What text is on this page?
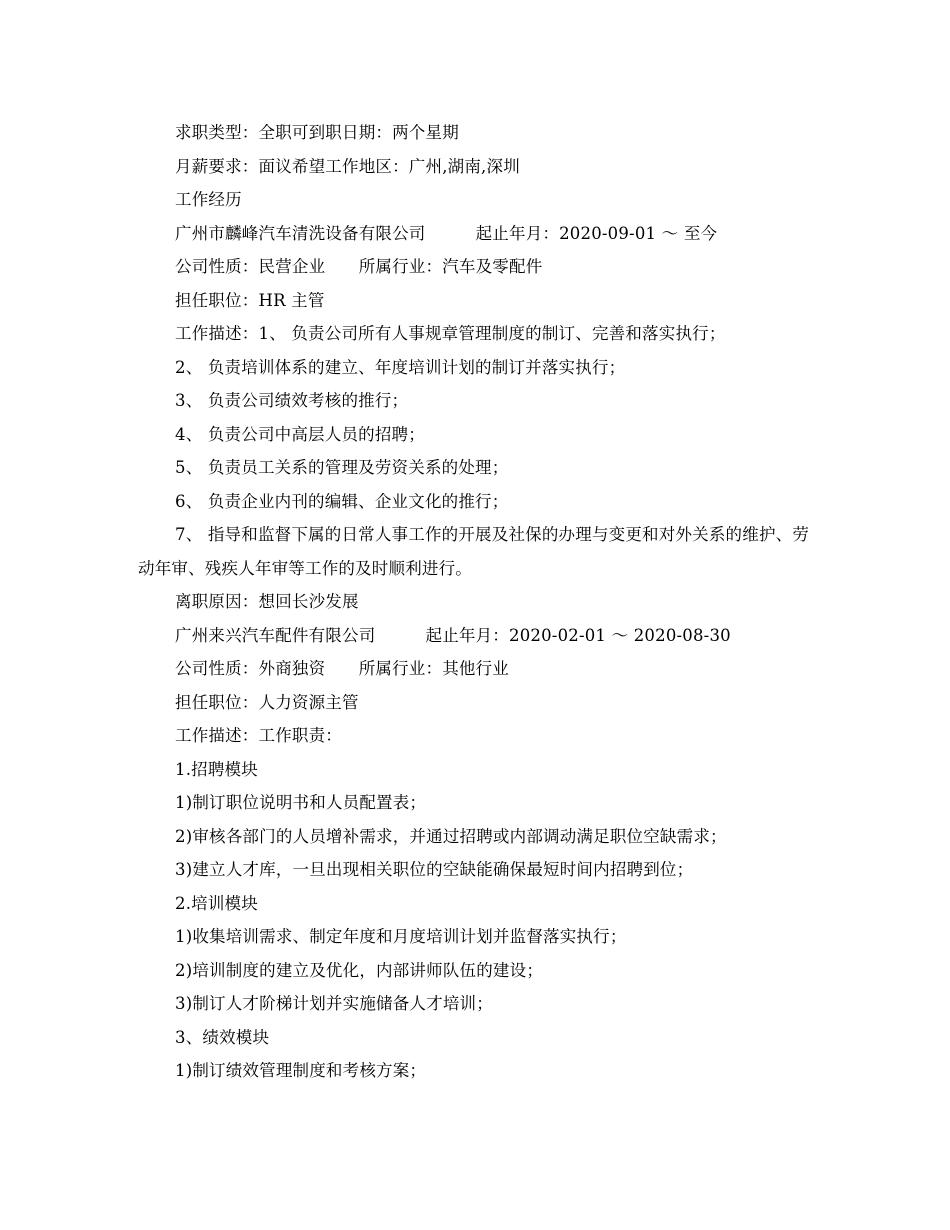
求职类型：全职可到职日期：两个星期
月薪要求：面议希望工作地区：广州,湖南,深圳
工作经历
广州市麟峰汽车清洗设备有限公司　　　起止年月：2020-09-01 ～ 至今
公司性质：民营企业　　所属行业：汽车及零配件
担任职位：HR 主管
工作描述：1、 负责公司所有人事规章管理制度的制订、完善和落实执行；
2、 负责培训体系的建立、年度培训计划的制订并落实执行；
3、 负责公司绩效考核的推行；
4、 负责公司中高层人员的招聘；
5、 负责员工关系的管理及劳资关系的处理；
6、 负责企业内刊的编辑、企业文化的推行；
7、 指导和监督下属的日常人事工作的开展及社保的办理与变更和对外关系的维护、劳动年审、残疾人年审等工作的及时顺利进行。
离职原因：想回长沙发展
广州来兴汽车配件有限公司　　　起止年月：2020-02-01 ～ 2020-08-30
公司性质：外商独资　　所属行业：其他行业
担任职位：人力资源主管
工作描述：工作职责：
1.招聘模块
1)制订职位说明书和人员配置表；
2)审核各部门的人员增补需求，并通过招聘或内部调动满足职位空缺需求；
3)建立人才库，一旦出现相关职位的空缺能确保最短时间内招聘到位；
2.培训模块
1)收集培训需求、制定年度和月度培训计划并监督落实执行；
2)培训制度的建立及优化，内部讲师队伍的建设；
3)制订人才阶梯计划并实施储备人才培训；
3、绩效模块
1)制订绩效管理制度和考核方案；
